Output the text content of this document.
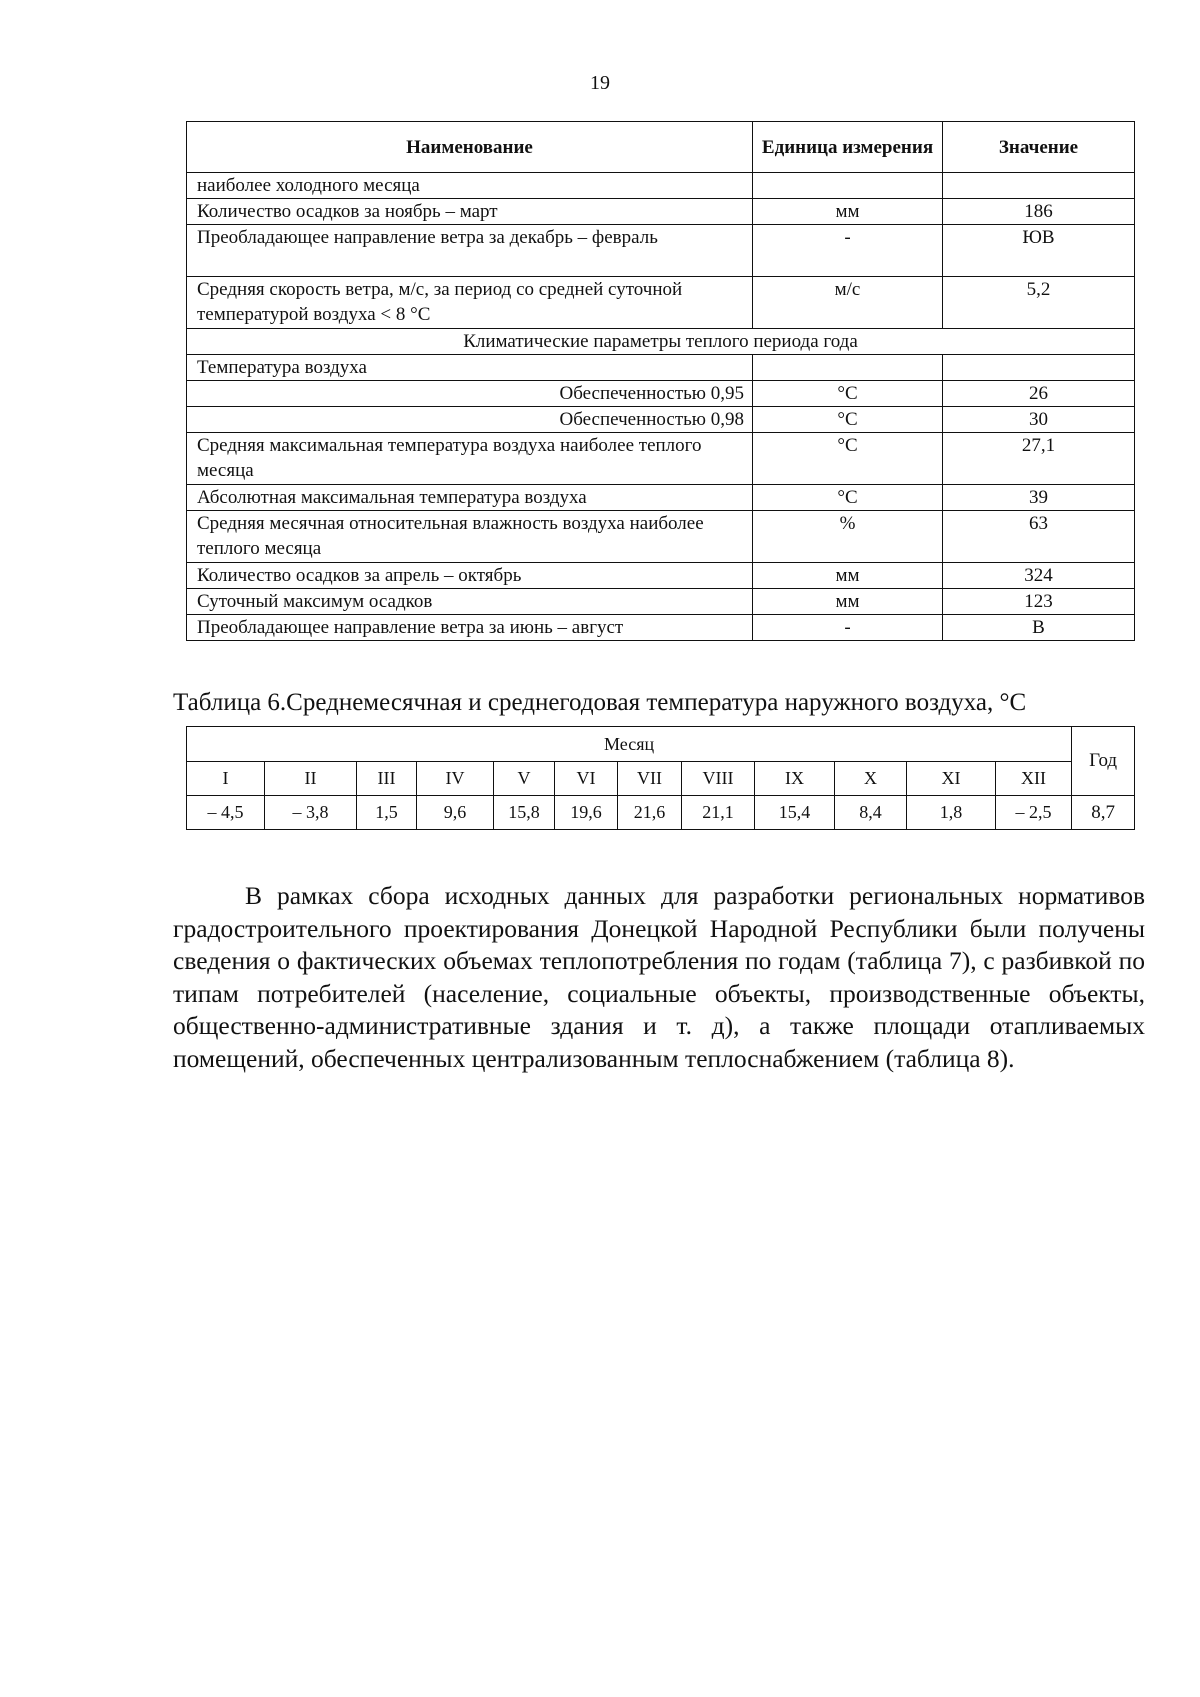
19
Наименование	Единица измерения	Значение
наиболее холодного месяца		
Количество осадков за ноябрь – март	мм	186
Преобладающее направление ветра за декабрь – февраль	-	ЮВ
Средняя скорость ветра, м/с, за период со средней суточной температурой воздуха < 8 °С	м/с	5,2
Климатические параметры теплого периода года		
Температура воздуха		
Обеспеченностью 0,95	°С	26
Обеспеченностью 0,98	°С	30
Средняя максимальная температура воздуха наиболее теплого месяца	°С	27,1
Абсолютная максимальная температура воздуха	°С	39
Средняя месячная относительная влажность воздуха наиболее теплого месяца	%	63
Количество осадков за апрель – октябрь	мм	324
Суточный максимум осадков	мм	123
Преобладающее направление ветра за июнь – август	-	В
Таблица 6.Среднемесячная и среднегодовая температура наружного воздуха, °С
Месяц												Год
I	II	III	IV	V	VI	VII	VIII	IX	X	XI	XII	
– 4,5	– 3,8	1,5	9,6	15,8	19,6	21,6	21,1	15,4	8,4	1,8	– 2,5	8,7
В рамках сбора исходных данных для разработки региональных нормативов градостроительного проектирования Донецкой Народной Республики были получены сведения о фактических объемах теплопотребления по годам (таблица 7), с разбивкой по типам потребителей (население, социальные объекты, производственные объекты, общественно-административные здания и т. д), а также площади отапливаемых помещений, обеспеченных централизованным теплоснабжением (таблица 8).
